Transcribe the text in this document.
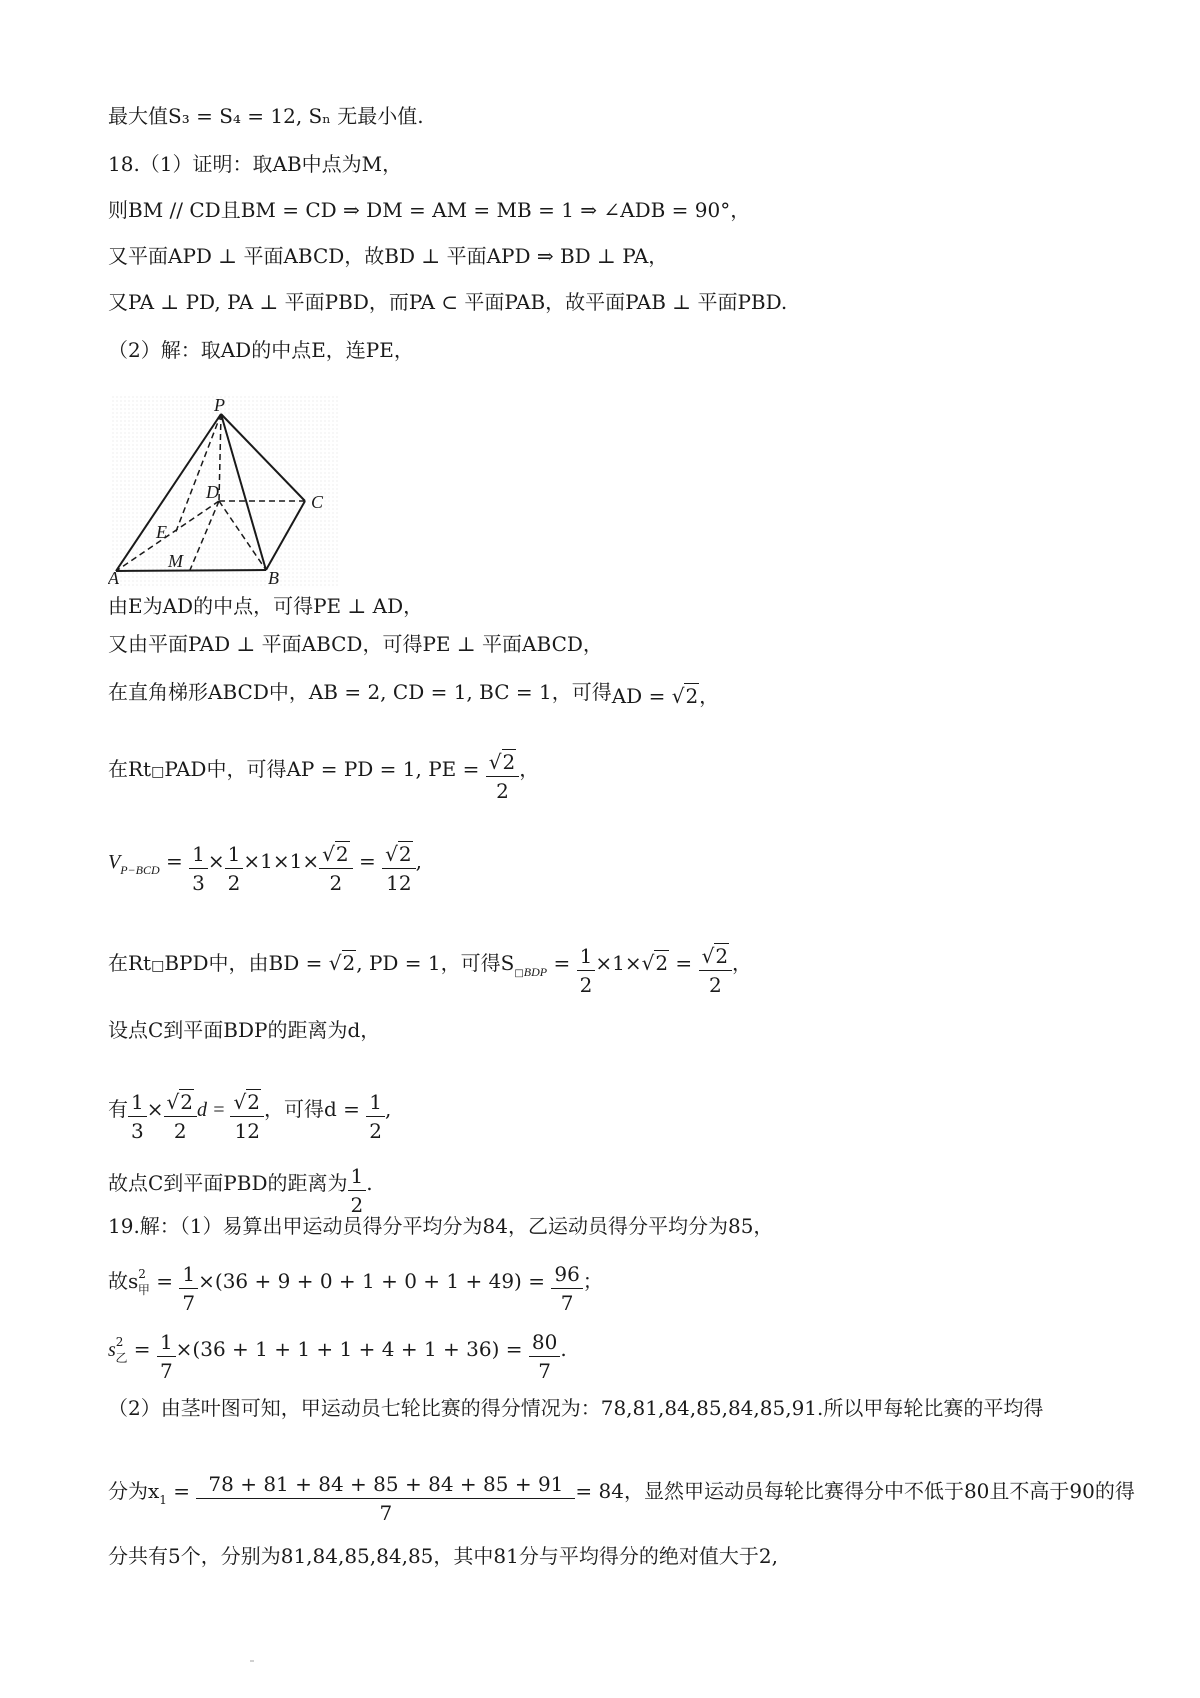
最大值S₃ = S₄ = 12, Sₙ 无最小值.
18.（1）证明：取AB中点为M，
则BM // CD且BM = CD ⇒ DM = AM = MB = 1 ⇒ ∠ADB = 90°，
又平面APD ⊥ 平面ABCD，故BD ⊥ 平面APD ⇒ BD ⊥ PA，
又PA ⊥ PD, PA ⊥ 平面PBD，而PA ⊂ 平面PAB，故平面PAB ⊥ 平面PBD.
（2）解：取AD的中点E，连PE，
P
D	C
E
M
A	B
由E为AD的中点，可得PE ⊥ AD，
又由平面PAD ⊥ 平面ABCD，可得PE ⊥ 平面ABCD，
在直角梯形ABCD中，AB = 2, CD = 1, BC = 1，可得AD = √2，
在Rt□PAD中，可得AP = PD = 1, PE = $\frac{√2}{2}$ ，
$V_{P-BCD} = \frac{1}{3} \times \frac{1}{2} \times 1\times 1\times \frac{√2}{2} = \frac{√2}{12}$ ,
在Rt□BPD中，由BD = √2, PD = 1，可得$S_{□BDP} = \frac{1}{2} \times 1\times√2 = \frac{√2}{2}$ ，
设点C到平面BDP的距离为d，
有 $\frac{1}{3} \times \frac{√2}{2}$ $d = \frac{√2}{12}$ ，可得$d = \frac{1}{2}$ ,
故点C到平面PBD的距离为 $\frac{1}{2}$ .
19.解：（1）易算出甲运动员得分平均分为84，乙运动员得分平均分为85，
故$s^2_甲 = \frac{1}{7} \times(36 + 9 + 0 + 1 + 0 + 1 + 49) = \frac{96}{7}$ ；
$s^2_乙 = \frac{1}{7} \times(36 + 1 + 1 + 1 + 4 + 1 + 36) = \frac{80}{7}$ .
（2）由茎叶图可知，甲运动员七轮比赛的得分情况为：78,81,84,85,84,85,91.所以甲每轮比赛的平均得
分为$x_1 = \frac{78 + 81 + 84 + 85 + 84 + 85 + 91}{7} = 84$，显然甲运动员每轮比赛得分中不低于80且不高于90的得
分共有5个，分别为81,84,85,84,85，其中81分与平均得分的绝对值大于2,
